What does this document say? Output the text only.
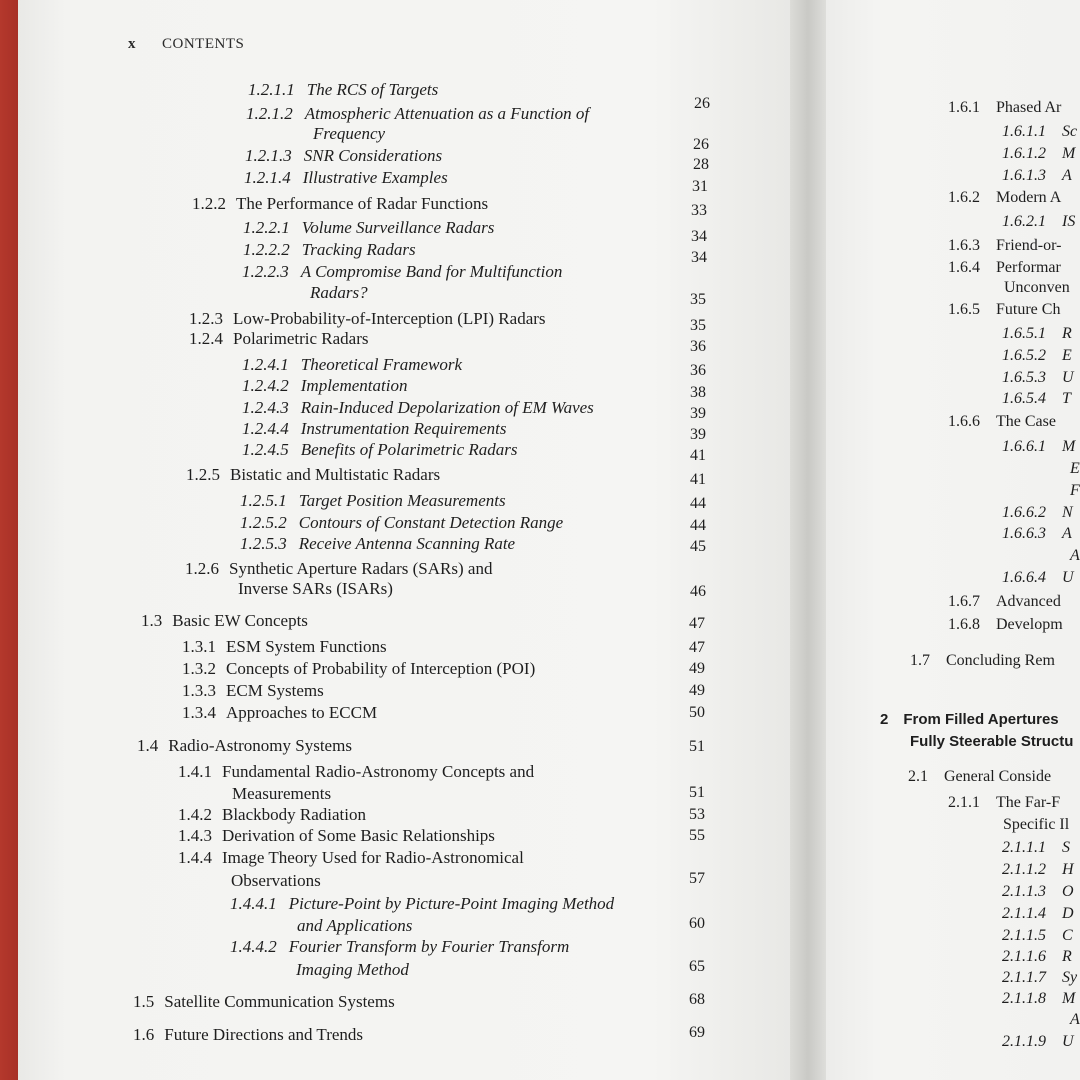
x CONTENTS
1.2.1.1 The RCS of Targets
1.2.1.2 Atmospheric Attenuation as a Function of
Frequency
1.2.1.3 SNR Considerations
1.2.1.4 Illustrative Examples
1.2.2 The Performance of Radar Functions
1.2.2.1 Volume Surveillance Radars
1.2.2.2 Tracking Radars
1.2.2.3 A Compromise Band for Multifunction
Radars?
1.2.3 Low-Probability-of-Interception (LPI) Radars
1.2.4 Polarimetric Radars
1.2.4.1 Theoretical Framework
1.2.4.2 Implementation
1.2.4.3 Rain-Induced Depolarization of EM Waves
1.2.4.4 Instrumentation Requirements
1.2.4.5 Benefits of Polarimetric Radars
1.2.5 Bistatic and Multistatic Radars
1.2.5.1 Target Position Measurements
1.2.5.2 Contours of Constant Detection Range
1.2.5.3 Receive Antenna Scanning Rate
1.2.6 Synthetic Aperture Radars (SARs) and
Inverse SARs (ISARs)
1.3 Basic EW Concepts
1.3.1 ESM System Functions
1.3.2 Concepts of Probability of Interception (POI)
1.3.3 ECM Systems
1.3.4 Approaches to ECCM
1.4 Radio-Astronomy Systems
1.4.1 Fundamental Radio-Astronomy Concepts and
Measurements
1.4.2 Blackbody Radiation
1.4.3 Derivation of Some Basic Relationships
1.4.4 Image Theory Used for Radio-Astronomical
Observations
1.4.4.1 Picture-Point by Picture-Point Imaging Method
and Applications
1.4.4.2 Fourier Transform by Fourier Transform
Imaging Method
1.5 Satellite Communication Systems
1.6 Future Directions and Trends
26
26
28
31
33
34
34
35
35
36
36
38
39
39
41
41
44
44
45
46
47
47
49
49
50
51
51
53
55
57
60
65
68
69
1.6.1 Phased Ar
1.6.1.1 Sc
1.6.1.2 M
1.6.1.3 A
1.6.2 Modern A
1.6.2.1 IS
1.6.3 Friend-or-
1.6.4 Performar
Unconven
1.6.5 Future Ch
1.6.5.1 R
1.6.5.2 E
1.6.5.3 U
1.6.5.4 T
1.6.6 The Case
1.6.6.1 M
E
F
1.6.6.2 N
1.6.6.3 A
A
1.6.6.4 U
1.6.7 Advanced
1.6.8 Developm
1.7 Concluding Rem
2 From Filled Apertures
Fully Steerable Structu
2.1 General Conside
2.1.1 The Far-F
Specific Il
2.1.1.1 S
2.1.1.2 H
2.1.1.3 O
2.1.1.4 D
2.1.1.5 C
2.1.1.6 R
2.1.1.7 Sy
2.1.1.8 M
A
2.1.1.9 U
